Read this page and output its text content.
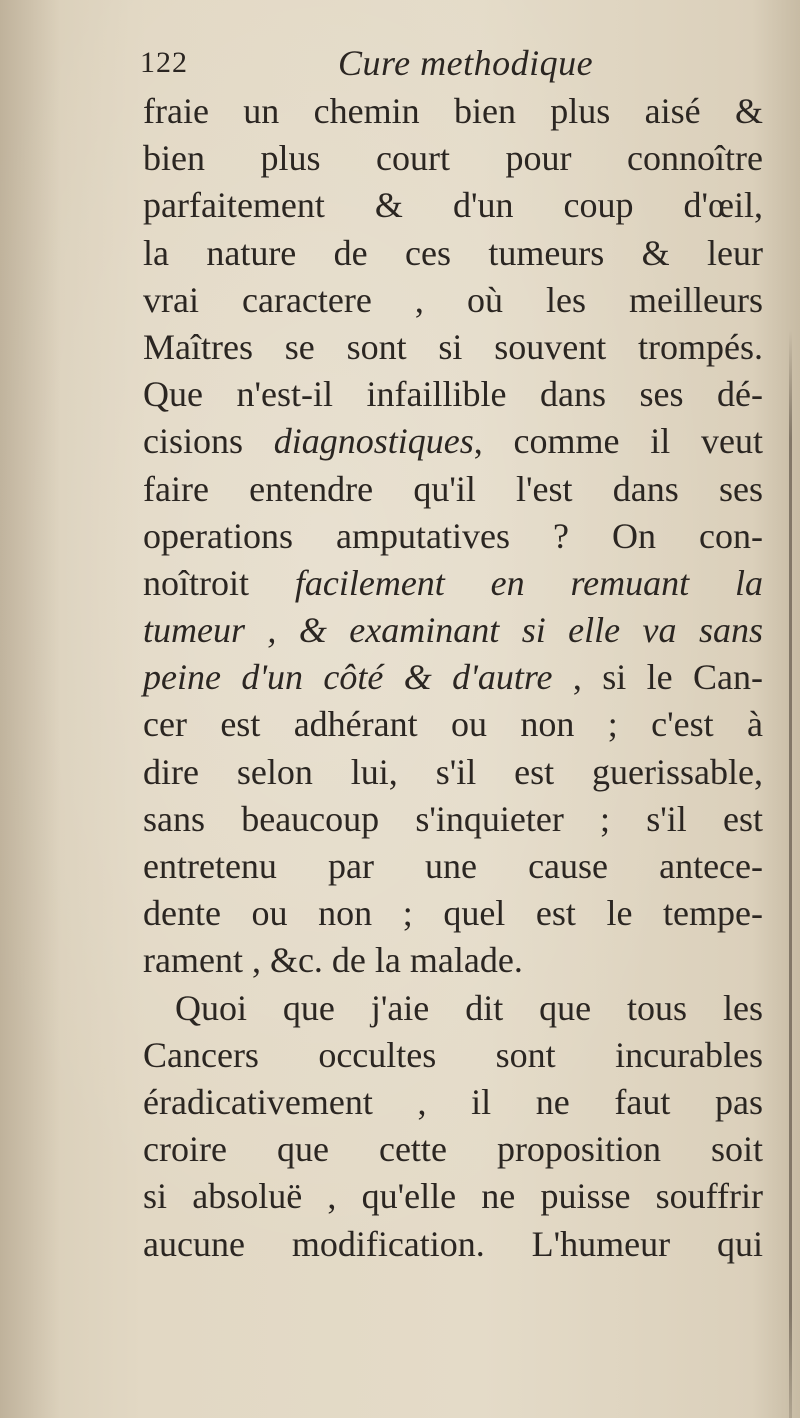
122	Cure methodique
fraie un chemin bien plus aisé &
bien plus court pour connoître
parfaitement & d'un coup d'œil,
la nature de ces tumeurs & leur
vrai caractere , où les meilleurs
Maîtres se sont si souvent trompés.
Que n'est-il infaillible dans ses dé-
cisions diagnostiques, comme il veut
faire entendre qu'il l'est dans ses
operations amputatives ? On con-
noîtroit facilement en remuant la
tumeur , & examinant si elle va sans
peine d'un côté & d'autre , si le Can-
cer est adhérant ou non ; c'est à
dire selon lui, s'il est guerissable,
sans beaucoup s'inquieter ; s'il est
entretenu par une cause antece-
dente ou non ; quel est le tempe-
rament , &c. de la malade.
Quoi que j'aie dit que tous les
Cancers occultes sont incurables
éradicativement , il ne faut pas
croire que cette proposition soit
si absoluë , qu'elle ne puisse souffrir
aucune modification. L'humeur qui
